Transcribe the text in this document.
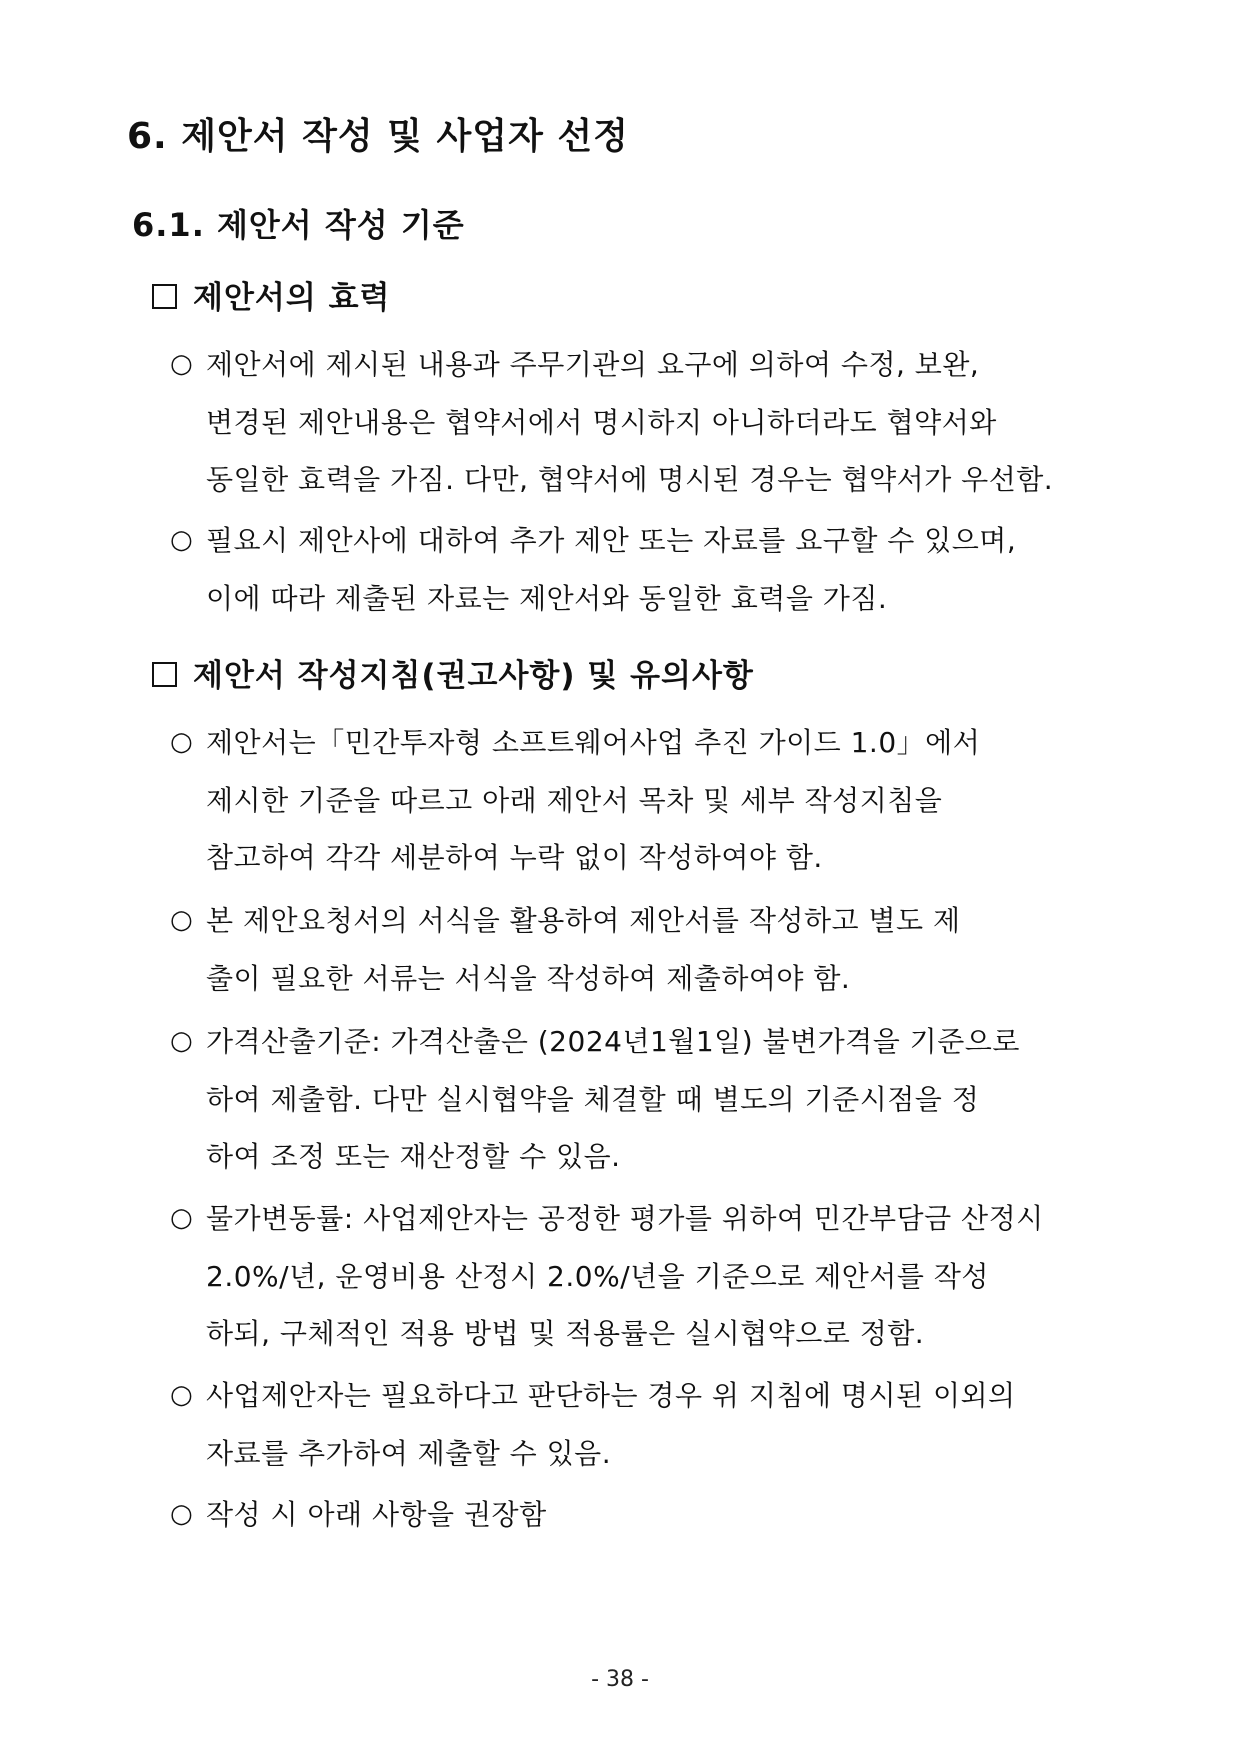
6. 제안서 작성 및 사업자 선정
6.1. 제안서 작성 기준
제안서의 효력
○ 제안서에 제시된 내용과 주무기관의 요구에 의하여 수정, 보완,
변경된 제안내용은 협약서에서 명시하지 아니하더라도 협약서와
동일한 효력을 가짐. 다만, 협약서에 명시된 경우는 협약서가 우선함.
○ 필요시 제안사에 대하여 추가 제안 또는 자료를 요구할 수 있으며,
이에 따라 제출된 자료는 제안서와 동일한 효력을 가짐.
제안서 작성지침(권고사항) 및 유의사항
○ 제안서는「민간투자형 소프트웨어사업 추진 가이드 1.0」에서
제시한 기준을 따르고 아래 제안서 목차 및 세부 작성지침을
참고하여 각각 세분하여 누락 없이 작성하여야 함.
○ 본 제안요청서의 서식을 활용하여 제안서를 작성하고 별도 제
출이 필요한 서류는 서식을 작성하여 제출하여야 함.
○ 가격산출기준: 가격산출은 (2024년1월1일) 불변가격을 기준으로
하여 제출함. 다만 실시협약을 체결할 때 별도의 기준시점을 정
하여 조정 또는 재산정할 수 있음.
○ 물가변동률: 사업제안자는 공정한 평가를 위하여 민간부담금 산정시
2.0%/년, 운영비용 산정시 2.0%/년을 기준으로 제안서를 작성
하되, 구체적인 적용 방법 및 적용률은 실시협약으로 정함.
○ 사업제안자는 필요하다고 판단하는 경우 위 지침에 명시된 이외의
자료를 추가하여 제출할 수 있음.
○ 작성 시 아래 사항을 권장함
- 38 -
